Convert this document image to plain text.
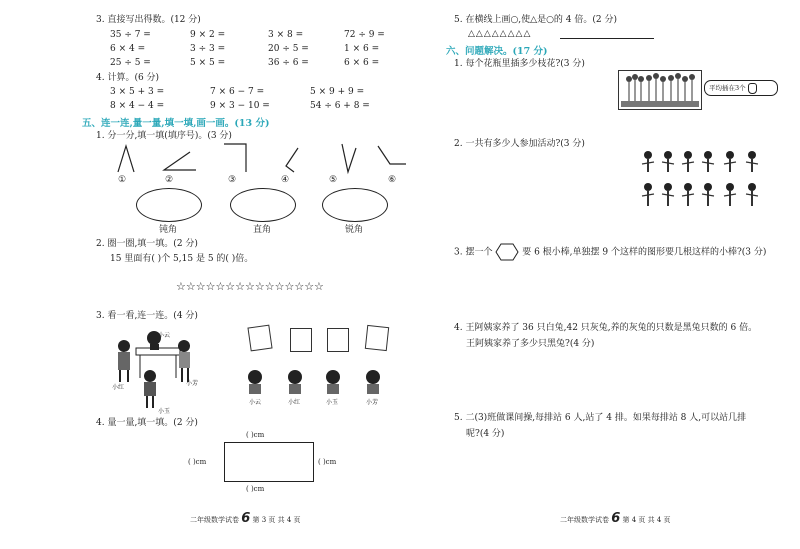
3. 直接写出得数。(12 分)
35 ÷ 7 =	9 × 2 =	3 × 8 =	72 ÷ 9 =
6 × 4 =	3 ÷ 3 =	20 ÷ 5 =	1 × 6 =
25 ÷ 5 =	5 × 5 =	36 ÷ 6 =	6 × 6 =
4. 计算。(6 分)
3 × 5 + 3 =	7 × 6 − 7 =	5 × 9 + 9 =
8 × 4 − 4 =	9 × 3 − 10 =	54 ÷ 6 + 8 =
五、连一连,量一量,填一填,画一画。(13 分)
1. 分一分,填一填(填序号)。(3 分)
①	②	③	④	⑤	⑥
钝角	直角	锐角
2. 圈一圈,填一填。(2 分)
15 里面有( )个 5,15 是 5 的( )倍。
☆☆☆☆☆☆☆☆☆☆☆☆☆☆☆
3. 看一看,连一连。(4 分)
小云
小红
小芳
小玉
小云	小红	小玉	小芳
4. 量一量,填一填。(2 分)
( )cm
( )cm	( )cm
( )cm
二年级数学试卷 6 第 3 页 共 4 页
5. 在横线上画○,使△是○的 4 倍。(2 分)
△△△△△△△△
六、问题解决。(17 分)
1. 每个花瓶里插多少枝花?(3 分)
平均插在3个
2. 一共有多少人参加活动?(3 分)
3. 摆一个	要 6 根小棒,单独摆 9 个这样的图形要几根这样的小棒?(3 分)
4. 王阿姨家养了 36 只白兔,42 只灰兔,养的灰兔的只数是黑兔只数的 6 倍。
王阿姨家养了多少只黑兔?(4 分)
5. 二(3)班做课间操,每排站 6 人,站了 4 排。如果每排站 8 人,可以站几排
呢?(4 分)
二年级数学试卷 6 第 4 页 共 4 页
